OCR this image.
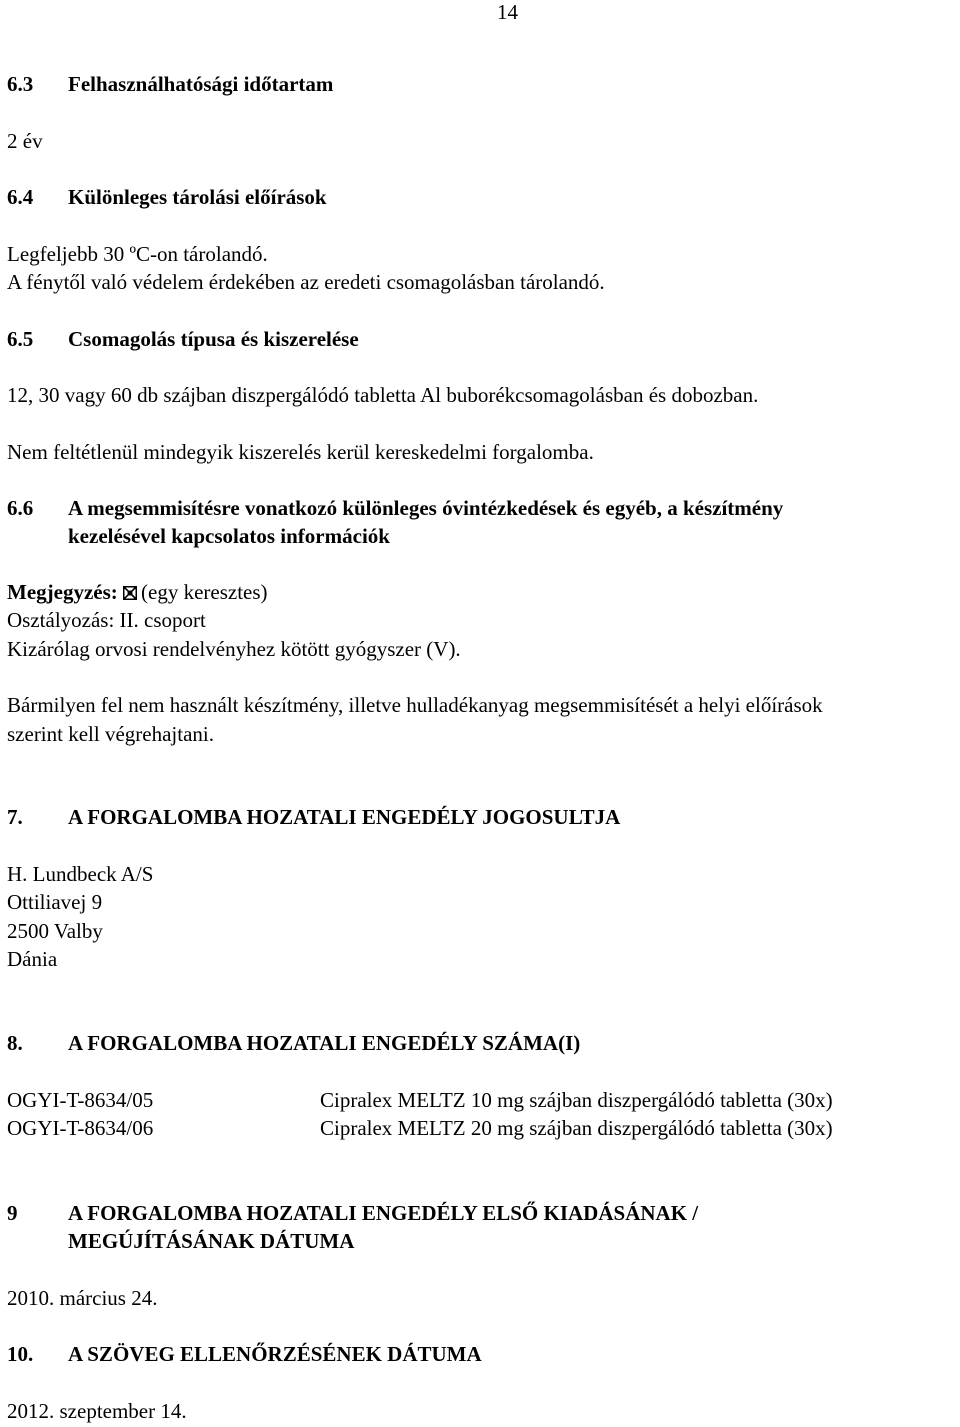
14
6.3 Felhasználhatósági időtartam
2 év
6.4 Különleges tárolási előírások
Legfeljebb 30 ºC-on tárolandó.
A fénytől való védelem érdekében az eredeti csomagolásban tárolandó.
6.5 Csomagolás típusa és kiszerelése
12, 30 vagy 60 db szájban diszpergálódó tabletta Al buborékcsomagolásban és dobozban.
Nem feltétlenül mindegyik kiszerelés kerül kereskedelmi forgalomba.
6.6 A megsemmisítésre vonatkozó különleges óvintézkedések és egyéb, a készítmény
kezelésével kapcsolatos információk
Megjegyzés: (egy keresztes)
Osztályozás: II. csoport
Kizárólag orvosi rendelvényhez kötött gyógyszer (V).
Bármilyen fel nem használt készítmény, illetve hulladékanyag megsemmisítését a helyi előírások
szerint kell végrehajtani.
7. A FORGALOMBA HOZATALI ENGEDÉLY JOGOSULTJA
H. Lundbeck A/S
Ottiliavej 9
2500 Valby
Dánia
8. A FORGALOMBA HOZATALI ENGEDÉLY SZÁMA(I)
OGYI-T-8634/05	Cipralex MELTZ 10 mg szájban diszpergálódó tabletta (30x)
OGYI-T-8634/06	Cipralex MELTZ 20 mg szájban diszpergálódó tabletta (30x)
9 A FORGALOMBA HOZATALI ENGEDÉLY ELSŐ KIADÁSÁNAK /
MEGÚJÍTÁSÁNAK DÁTUMA
2010. március 24.
10. A SZÖVEG ELLENŐRZÉSÉNEK DÁTUMA
2012. szeptember 14.
